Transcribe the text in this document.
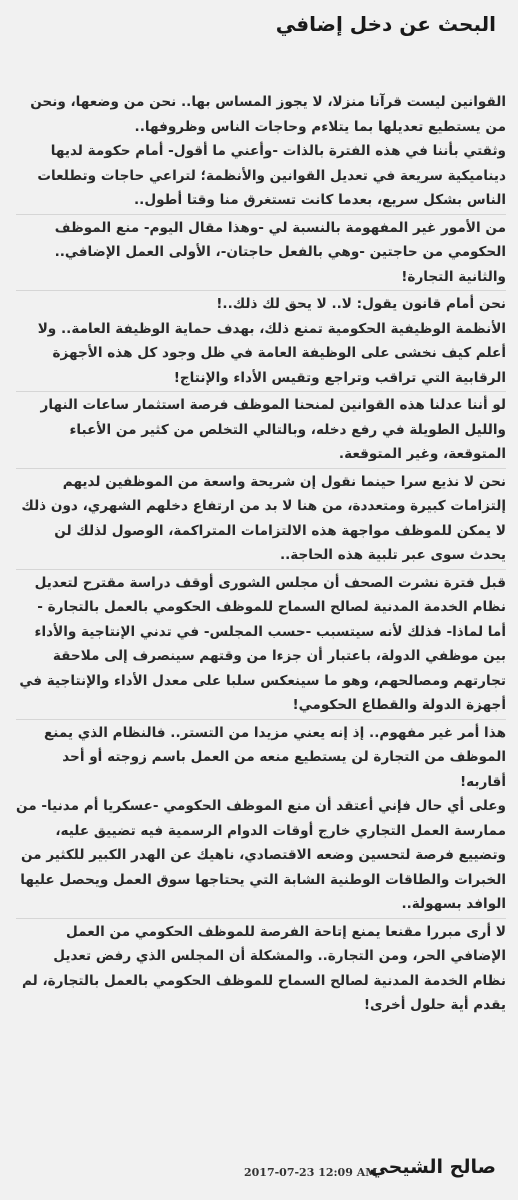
البحث عن دخل إضافي

القوانين ليست قرآنا منزلا، لا يجوز المساس بها.. نحن من وضعها، ونحن من يستطيع تعديلها بما يتلاءم وحاجات الناس وظروفها..

وثقتي بأننا في هذه الفترة بالذات -وأعني ما أقول- أمام حكومة لديها ديناميكية سريعة في تعديل القوانين والأنظمة؛ لتراعي حاجات وتطلعات الناس بشكل سريع، بعدما كانت تستغرق منا وقتا أطول..

من الأمور غير المفهومة بالنسبة لي -وهذا مقال اليوم- منع الموظف الحكومي من حاجتين -وهي بالفعل حاجتان-، الأولى العمل الإضافي.. والثانية التجارة!

نحن أمام قانون يقول: لا.. لا يحق لك ذلك..!

الأنظمة الوظيفية الحكومية تمنع ذلك، بهدف حماية الوظيفة العامة.. ولا أعلم كيف نخشى على الوظيفة العامة في ظل وجود كل هذه الأجهزة الرقابية التي تراقب وتراجع وتقيس الأداء والإنتاج!

لو أننا عدلنا هذه القوانين لمنحنا الموظف فرصة استثمار ساعات النهار والليل الطويلة في رفع دخله، وبالتالي التخلص من كثير من الأعباء المتوقعة، وغير المتوقعة.

نحن لا نذيع سرا حينما نقول إن شريحة واسعة من الموظفين لديهم إلتزامات كبيرة ومتعددة، من هنا لا بد من ارتفاع دخلهم الشهري، دون ذلك لا يمكن للموظف مواجهة هذه الالتزامات المتراكمة، الوصول لذلك لن يحدث سوى عبر تلبية هذه الحاجة..

قبل فترة نشرت الصحف أن مجلس الشورى أوقف دراسة مقترح لتعديل نظام الخدمة المدنية لصالح السماح للموظف الحكومي بالعمل بالتجارة - أما لماذا- فذلك لأنه سيتسبب -حسب المجلس- في تدني الإنتاجية والأداء بين موظفي الدولة، باعتبار أن جزءا من وقتهم سينصرف إلى ملاحقة تجارتهم ومصالحهم، وهو ما سينعكس سلبا على معدل الأداء والإنتاجية في أجهزة الدولة والقطاع الحكومي!

هذا أمر غير مفهوم.. إذ إنه يعني مزيدا من التستر.. فالنظام الذي يمنع الموظف من التجارة لن يستطيع منعه من العمل باسم زوجته أو أحد أقاربه!

وعلى أي حال فإني أعتقد أن منع الموظف الحكومي -عسكريا أم مدنيا- من ممارسة العمل التجاري خارج أوقات الدوام الرسمية فيه تضييق عليه، وتضييع فرصة لتحسين وضعه الاقتصادي، ناهيك عن الهدر الكبير للكثير من الخبرات والطاقات الوطنية الشابة التي يحتاجها سوق العمل ويحصل عليها الوافد بسهولة..

لا أرى مبررا مقنعا يمنع إتاحة الفرصة للموظف الحكومي من العمل الإضافي الحر، ومن التجارة.. والمشكلة أن المجلس الذي رفض تعديل نظام الخدمة المدنية لصالح السماح للموظف الحكومي بالعمل بالتجارة، لم يقدم أية حلول أخرى!

2017-07-23 12:09 AM
صالح الشيحي
